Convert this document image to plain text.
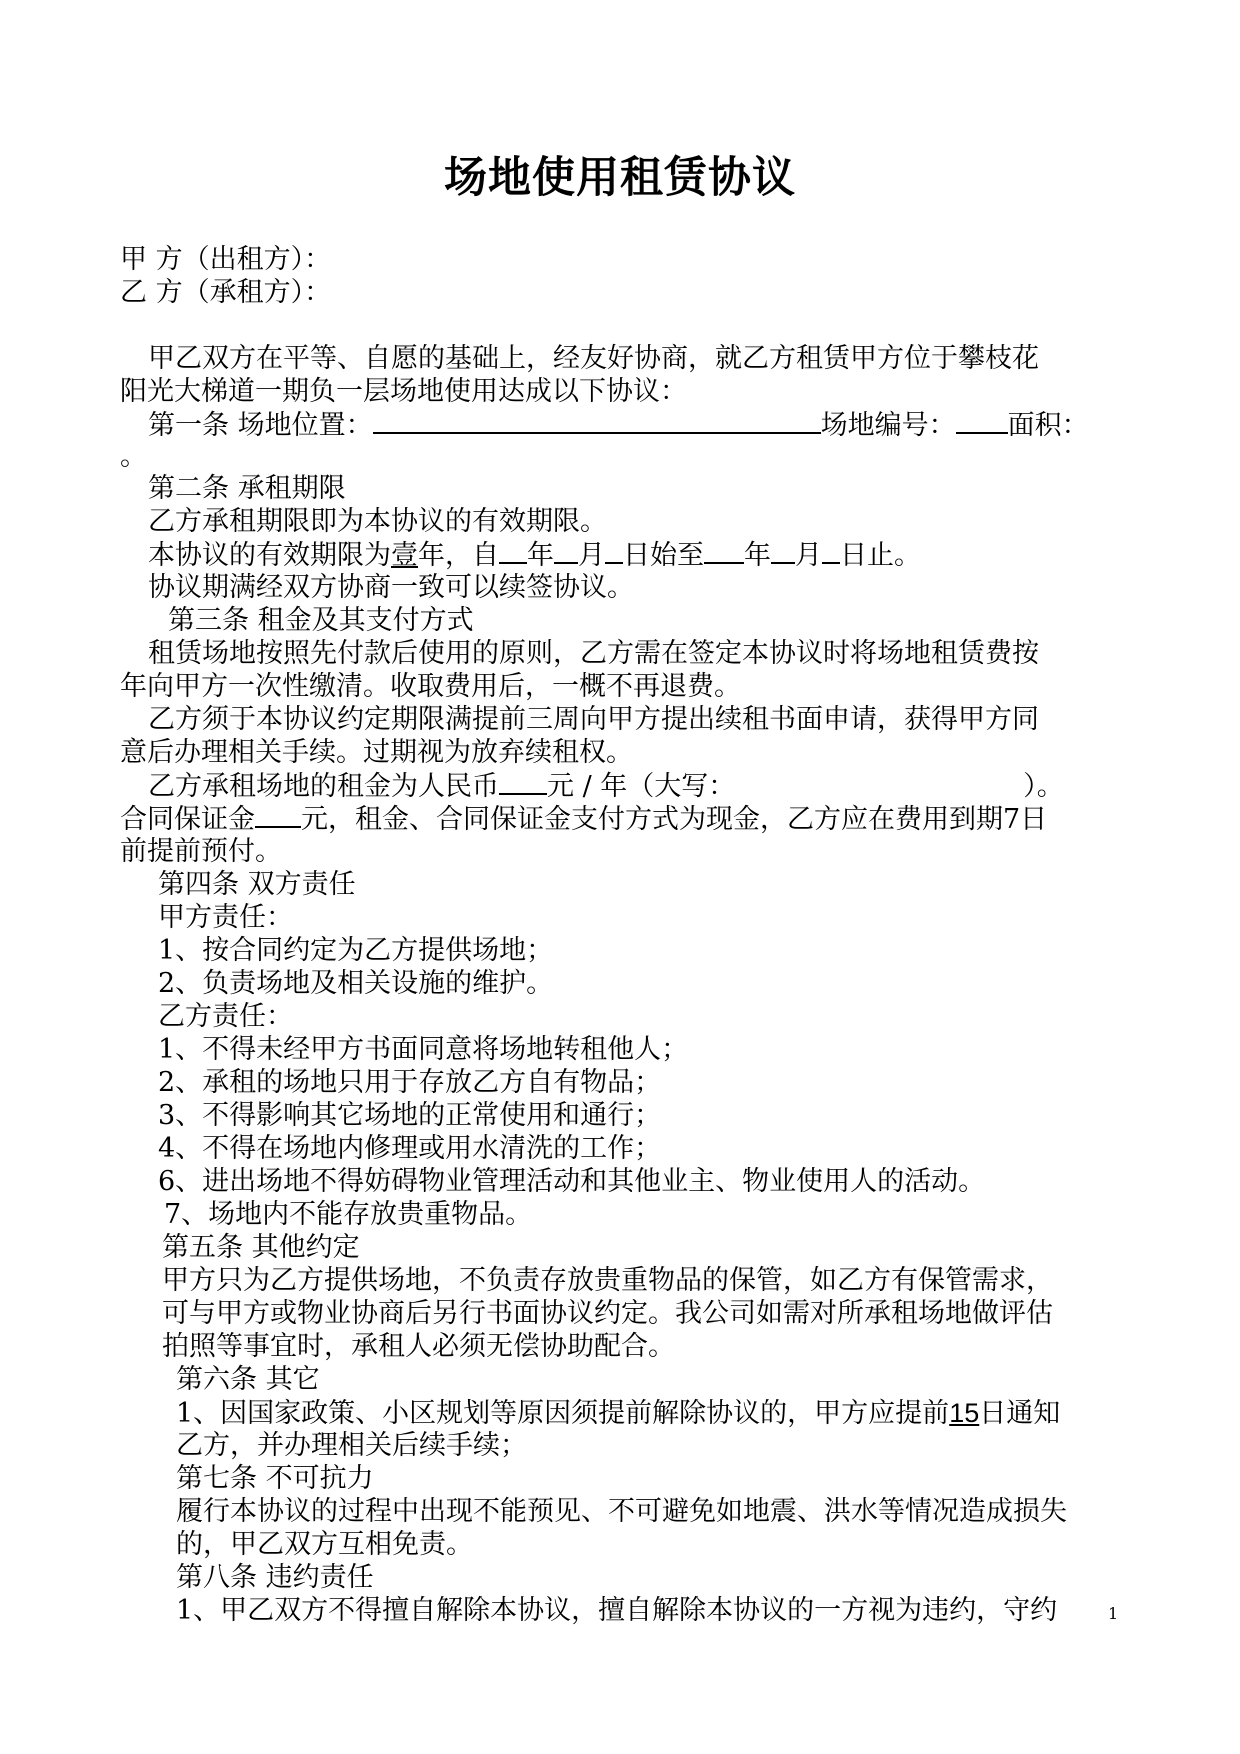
场地使用租赁协议
甲 方（出租方）：
乙 方（承租方）：
甲乙双方在平等、自愿的基础上，经友好协商，就乙方租赁甲方位于攀枝花
阳光大梯道一期负一层场地使用达成以下协议：
第一条 场地位置：	场地编号： 面积：
。
第二条 承租期限
乙方承租期限即为本协议的有效期限。
本协议的有效期限为壹年，自 年 月 日始至 年 月 日止。
协议期满经双方协商一致可以续签协议。
第三条 租金及其支付方式
租赁场地按照先付款后使用的原则，乙方需在签定本协议时将场地租赁费按
年向甲方一次性缴清。收取费用后，一概不再退费。
乙方须于本协议约定期限满提前三周向甲方提出续租书面申请，获得甲方同
意后办理相关手续。过期视为放弃续租权。
乙方承租场地的租金为人民币 元 / 年（大写：	）。
合同保证金 元，租金、合同保证金支付方式为现金，乙方应在费用到期7日
前提前预付。
第四条 双方责任
甲方责任：
1、按合同约定为乙方提供场地；
2、负责场地及相关设施的维护。
乙方责任：
1、不得未经甲方书面同意将场地转租他人；
2、承租的场地只用于存放乙方自有物品；
3、不得影响其它场地的正常使用和通行；
4、不得在场地内修理或用水清洗的工作；
6、进出场地不得妨碍物业管理活动和其他业主、物业使用人的活动。
7、场地内不能存放贵重物品。
第五条 其他约定
甲方只为乙方提供场地，不负责存放贵重物品的保管，如乙方有保管需求，
可与甲方或物业协商后另行书面协议约定。我公司如需对所承租场地做评估
拍照等事宜时，承租人必须无偿协助配合。
第六条 其它
1、因国家政策、小区规划等原因须提前解除协议的，甲方应提前15日通知
乙方，并办理相关后续手续；
第七条 不可抗力
履行本协议的过程中出现不能预见、不可避免如地震、洪水等情况造成损失
的，甲乙双方互相免责。
第八条 违约责任
1、甲乙双方不得擅自解除本协议，擅自解除本协议的一方视为违约，守约	1
